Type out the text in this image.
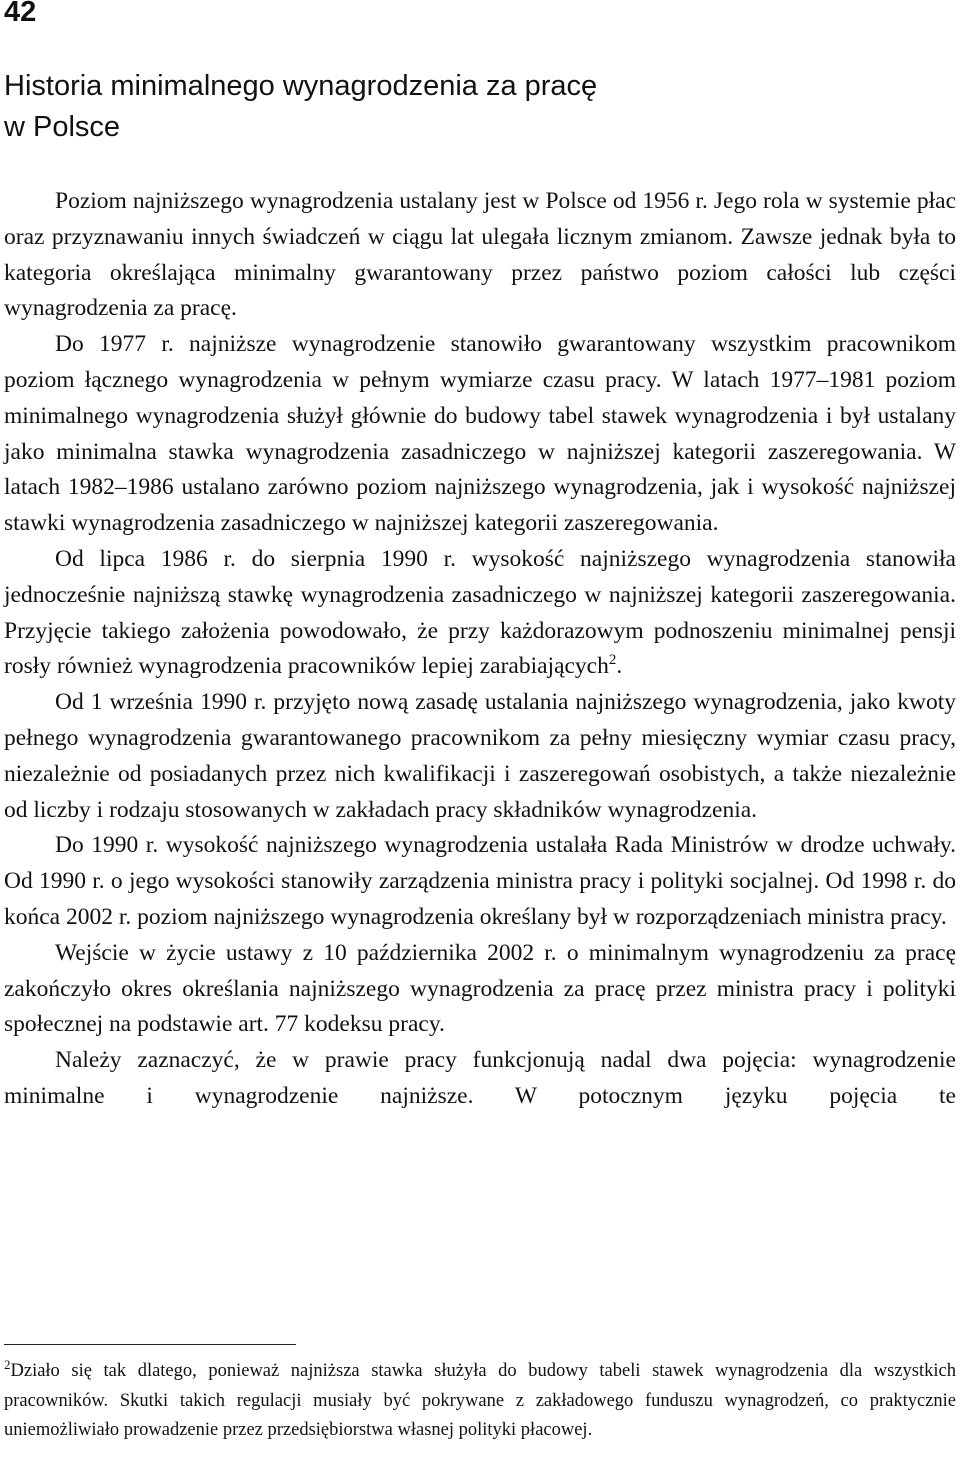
42
Historia minimalnego wynagrodzenia za pracę
w Polsce

Poziom najniższego wynagrodzenia ustalany jest w Polsce od 1956 r. Jego rola w systemie płac oraz przyznawaniu innych świadczeń w ciągu lat ulegała licznym zmianom. Zawsze jednak była to kategoria określająca minimalny gwarantowany przez państwo poziom całości lub części wynagrodzenia za pracę.

Do 1977 r. najniższe wynagrodzenie stanowiło gwarantowany wszystkim pracownikom poziom łącznego wynagrodzenia w pełnym wymiarze czasu pracy. W latach 1977–1981 poziom minimalnego wynagrodzenia służył głównie do budowy tabel stawek wynagrodzenia i był ustalany jako minimalna stawka wynagrodzenia zasadniczego w najniższej kategorii zaszeregowania. W latach 1982–1986 ustalano zarówno poziom najniższego wynagrodzenia, jak i wysokość najniższej stawki wynagrodzenia zasadniczego w najniższej kategorii zaszeregowania.

Od lipca 1986 r. do sierpnia 1990 r. wysokość najniższego wynagrodzenia stanowiła jednocześnie najniższą stawkę wynagrodzenia zasadniczego w najniższej kategorii zaszeregowania. Przyjęcie takiego założenia powodowało, że przy każdorazowym podnoszeniu minimalnej pensji rosły również wynagrodzenia pracowników lepiej zarabiających$^2$.

Od 1 września 1990 r. przyjęto nową zasadę ustalania najniższego wynagrodzenia, jako kwoty pełnego wynagrodzenia gwarantowanego pracownikom za pełny miesięczny wymiar czasu pracy, niezależnie od posiadanych przez nich kwalifikacji i zaszeregowań osobistych, a także niezależnie od liczby i rodzaju stosowanych w zakładach pracy składników wynagrodzenia.

Do 1990 r. wysokość najniższego wynagrodzenia ustalała Rada Ministrów w drodze uchwały. Od 1990 r. o jego wysokości stanowiły zarządzenia ministra pracy i polityki socjalnej. Od 1998 r. do końca 2002 r. poziom najniższego wynagrodzenia określany był w rozporządzeniach ministra pracy.

Wejście w życie ustawy z 10 października 2002 r. o minimalnym wynagrodzeniu za pracę zakończyło okres określania najniższego wynagrodzenia za pracę przez ministra pracy i polityki społecznej na podstawie art. 77 kodeksu pracy.

Należy zaznaczyć, że w prawie pracy funkcjonują nadal dwa pojęcia: wynagrodzenie minimalne i wynagrodzenie najniższe. W potocznym języku pojęcia te

$^2$Działo się tak dlatego, ponieważ najniższa stawka służyła do budowy tabeli stawek wynagrodzenia dla wszystkich pracowników. Skutki takich regulacji musiały być pokrywane z zakładowego funduszu wynagrodzeń, co praktycznie uniemożliwiało prowadzenie przez przedsiębiorstwa własnej polityki płacowej.
